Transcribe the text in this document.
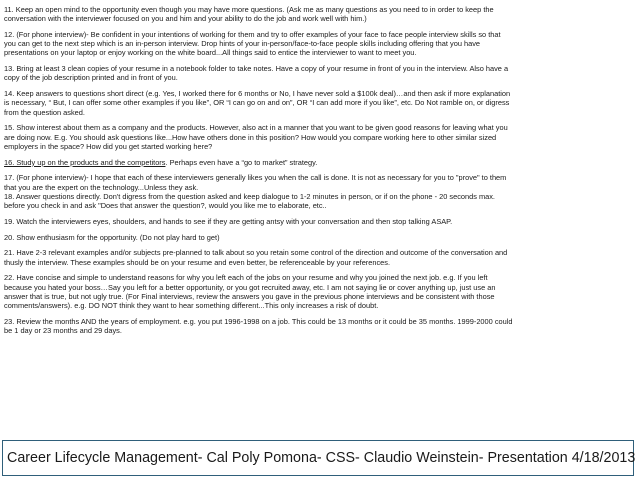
11. Keep an open mind to the opportunity even though you may have more questions. (Ask me as many questions as you need to in order to keep the
conversation with the interviewer focused on you and him and your ability to do the job and work well with him.)
12. (For phone interview)- Be confident in your intentions of working for them and try to offer examples of your face to face people interview skills so that
you can get to the next step which is an in-person interview. Drop hints of your in-person/face-to-face people skills including offering that you have
presentations on your laptop or enjoy working on the white board...All things said to entice the interviewer to want to meet you.
13. Bring at least 3 clean copies of your resume in a notebook folder to take notes. Have a copy of your resume in front of you in the interview. Also have a
copy of the job description printed and in front of you.
14. Keep answers to questions short direct (e.g. Yes, I worked there for 6 months or No, I have never sold a $100k deal)…and then ask if more explanation
is necessary, “ But, I can offer some other examples if you like”, OR “I can go on and on”, OR “I can add more if you like”, etc. Do Not ramble on, or digress
from the question asked.
15. Show interest about them as a company and the products. However, also act in a manner that you want to be given good reasons for leaving what you
are doing now. E.g. You should ask questions like...How have others done in this position? How would you compare working here to other similar sized
employers in the space? How did you get started working here?
16. Study up on the products and the competitors. Perhaps even have a “go to market” strategy.
17. (For phone interview)- I hope that each of these interviewers generally likes you when the call is done. It is not as necessary for you to "prove" to them
that you are the expert on the technology...Unless they ask.
18. Answer questions directly. Don't digress from the question asked and keep dialogue to 1-2 minutes in person, or if on the phone - 20 seconds max.
before you check in and ask "Does that answer the question?, would you like me to elaborate, etc..
19. Watch the interviewers eyes, shoulders, and hands to see if they are getting antsy with your conversation and then stop talking ASAP.
20. Show enthusiasm for the opportunity. (Do not play hard to get)
21. Have 2-3 relevant examples and/or subjects pre-planned to talk about so you retain some control of the direction and outcome of the conversation and
thusly the interview. These examples should be on your resume and even better, be referenceable by your references.
22. Have concise and simple to understand reasons for why you left each of the jobs on your resume and why you joined the next job. e.g. If you left
because you hated your boss…Say you left for a better opportunity, or you got recruited away, etc. I am not saying lie or cover anything up, just use an
answer that is true, but not ugly true. (For Final interviews, review the answers you gave in the previous phone interviews and be consistent with those
comments/answers). e.g. DO NOT think they want to hear something different...This only increases a risk of doubt.
23. Review the months AND the years of employment. e.g. you put 1996-1998 on a job. This could be 13 months or it could be 35 months. 1999-2000 could
be 1 day or 23 months and 29 days.
Career Lifecycle Management- Cal Poly Pomona- CSS- Claudio Weinstein- Presentation 4/18/2013
